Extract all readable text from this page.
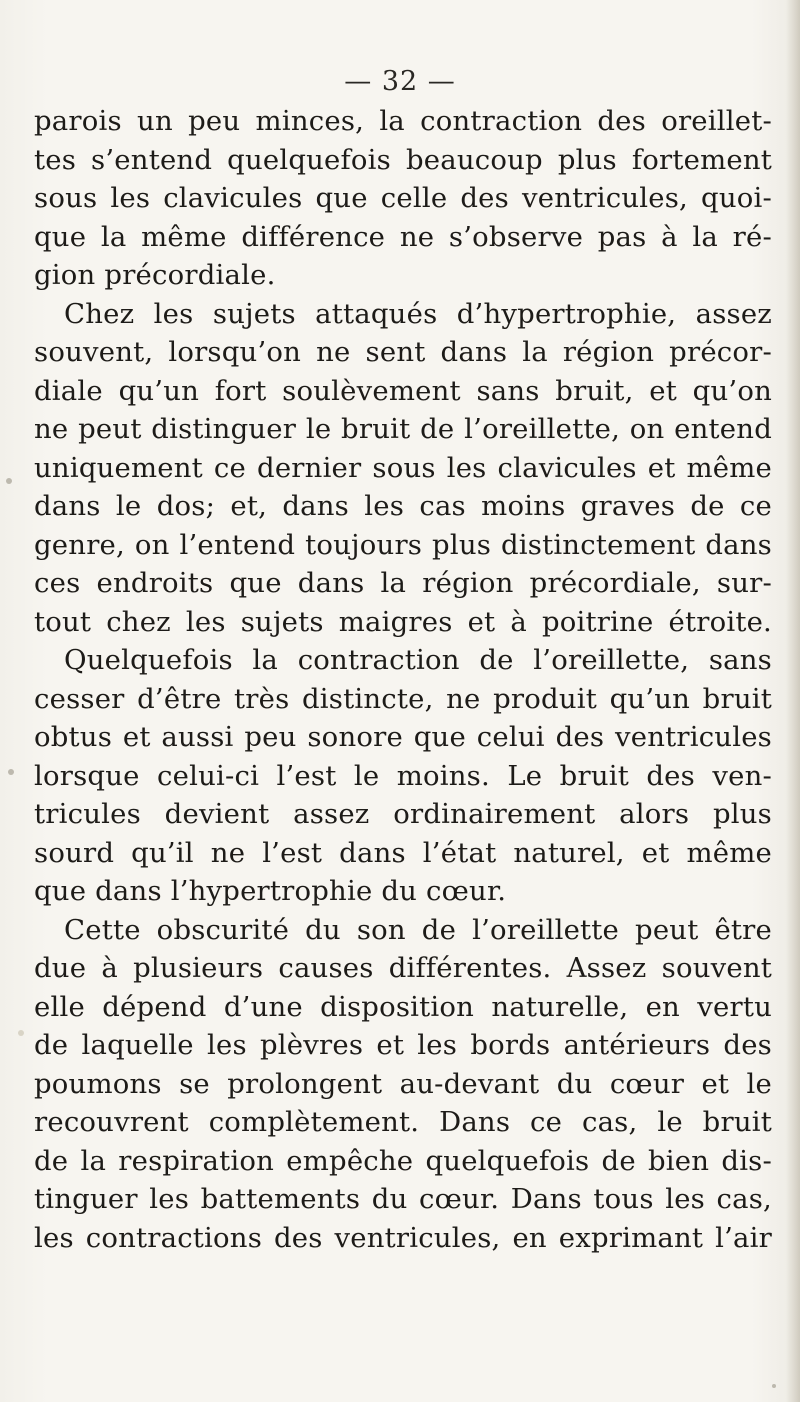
— 32 —
parois un peu minces, la contraction des oreillet-
tes s’entend quelquefois beaucoup plus fortement
sous les clavicules que celle des ventricules, quoi-
que la même différence ne s’observe pas à la ré-
gion précordiale.
Chez les sujets attaqués d’hypertrophie, assez
souvent, lorsqu’on ne sent dans la région précor-
diale qu’un fort soulèvement sans bruit, et qu’on
ne peut distinguer le bruit de l’oreillette, on entend
uniquement ce dernier sous les clavicules et même
dans le dos; et, dans les cas moins graves de ce
genre, on l’entend toujours plus distinctement dans
ces endroits que dans la région précordiale, sur-
tout chez les sujets maigres et à poitrine étroite.
Quelquefois la contraction de l’oreillette, sans
cesser d’être très distincte, ne produit qu’un bruit
obtus et aussi peu sonore que celui des ventricules
lorsque celui-ci l’est le moins. Le bruit des ven-
tricules devient assez ordinairement alors plus
sourd qu’il ne l’est dans l’état naturel, et même
que dans l’hypertrophie du cœur.
Cette obscurité du son de l’oreillette peut être
due à plusieurs causes différentes. Assez souvent
elle dépend d’une disposition naturelle, en vertu
de laquelle les plèvres et les bords antérieurs des
poumons se prolongent au-devant du cœur et le
recouvrent complètement. Dans ce cas, le bruit
de la respiration empêche quelquefois de bien dis-
tinguer les battements du cœur. Dans tous les cas,
les contractions des ventricules, en exprimant l’air
